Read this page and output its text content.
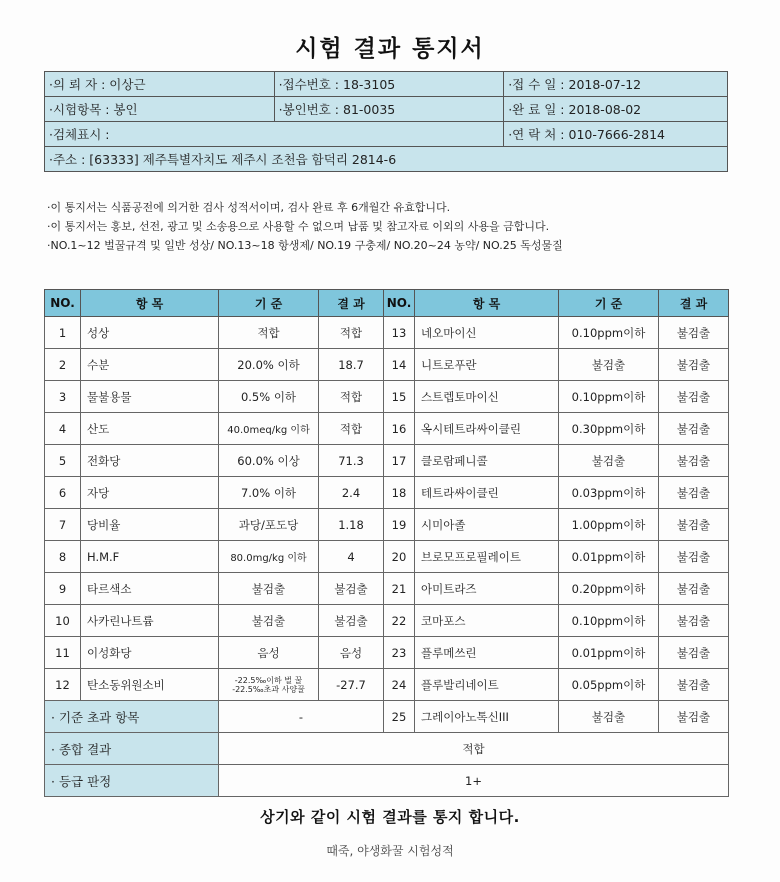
시험 결과 통지서
·의 뢰 자 : 이상근	·접수번호 : 18-3105	·접 수 일 : 2018-07-12
·시험항목 : 봉인	·봉인번호 : 81-0035	·완 료 일 : 2018-08-02
·검체표시 :		·연 락 처 : 010-7666-2814
·주소 : [63333] 제주특별자치도 제주시 조천읍 함덕리 2814-6		
·이 통지서는 식품공전에 의거한 검사 성적서이며, 검사 완료 후 6개월간 유효합니다.
·이 통지서는 홍보, 선전, 광고 및 소송용으로 사용할 수 없으며 납품 및 참고자료 이외의 사용을 금합니다.
·NO.1~12 벌꿀규격 및 일반 성상/ NO.13~18 항생제/ NO.19 구충제/ NO.20~24 농약/ NO.25 독성물질
NO.	항 목	기 준	결 과	NO.	항 목	기 준	결 과
1	성상	적합	적합	13	네오마이신	0.10ppm이하	불검출
2	수분	20.0% 이하	18.7	14	니트로푸란	불검출	불검출
3	물불용물	0.5% 이하	적합	15	스트렙토마이신	0.10ppm이하	불검출
4	산도	40.0meq/kg 이하	적합	16	옥시테트라싸이클린	0.30ppm이하	불검출
5	전화당	60.0% 이상	71.3	17	클로람페니콜	불검출	불검출
6	자당	7.0% 이하	2.4	18	테트라싸이클린	0.03ppm이하	불검출
7	당비율	과당/포도당	1.18	19	시미아졸	1.00ppm이하	불검출
8	H.M.F	80.0mg/kg 이하	4	20	브로모프로필레이트	0.01ppm이하	불검출
9	타르색소	불검출	불검출	21	아미트라즈	0.20ppm이하	불검출
10	사카린나트륨	불검출	불검출	22	코마포스	0.10ppm이하	불검출
11	이성화당	음성	음성	23	플루메쓰린	0.01ppm이하	불검출
12	탄소동위원소비	-22.5‰이하 벌 꿀
-22.5‰초과 사양꿀	-27.7	24	플루발리네이트	0.05ppm이하	불검출
· 기준 초과 항목		-		25	그레이아노톡신III	불검출	불검출
· 종합 결과		적합					
· 등급 판정		1+					
상기와 같이 시험 결과를 통지 합니다.
때죽, 야생화꿀 시험성적
